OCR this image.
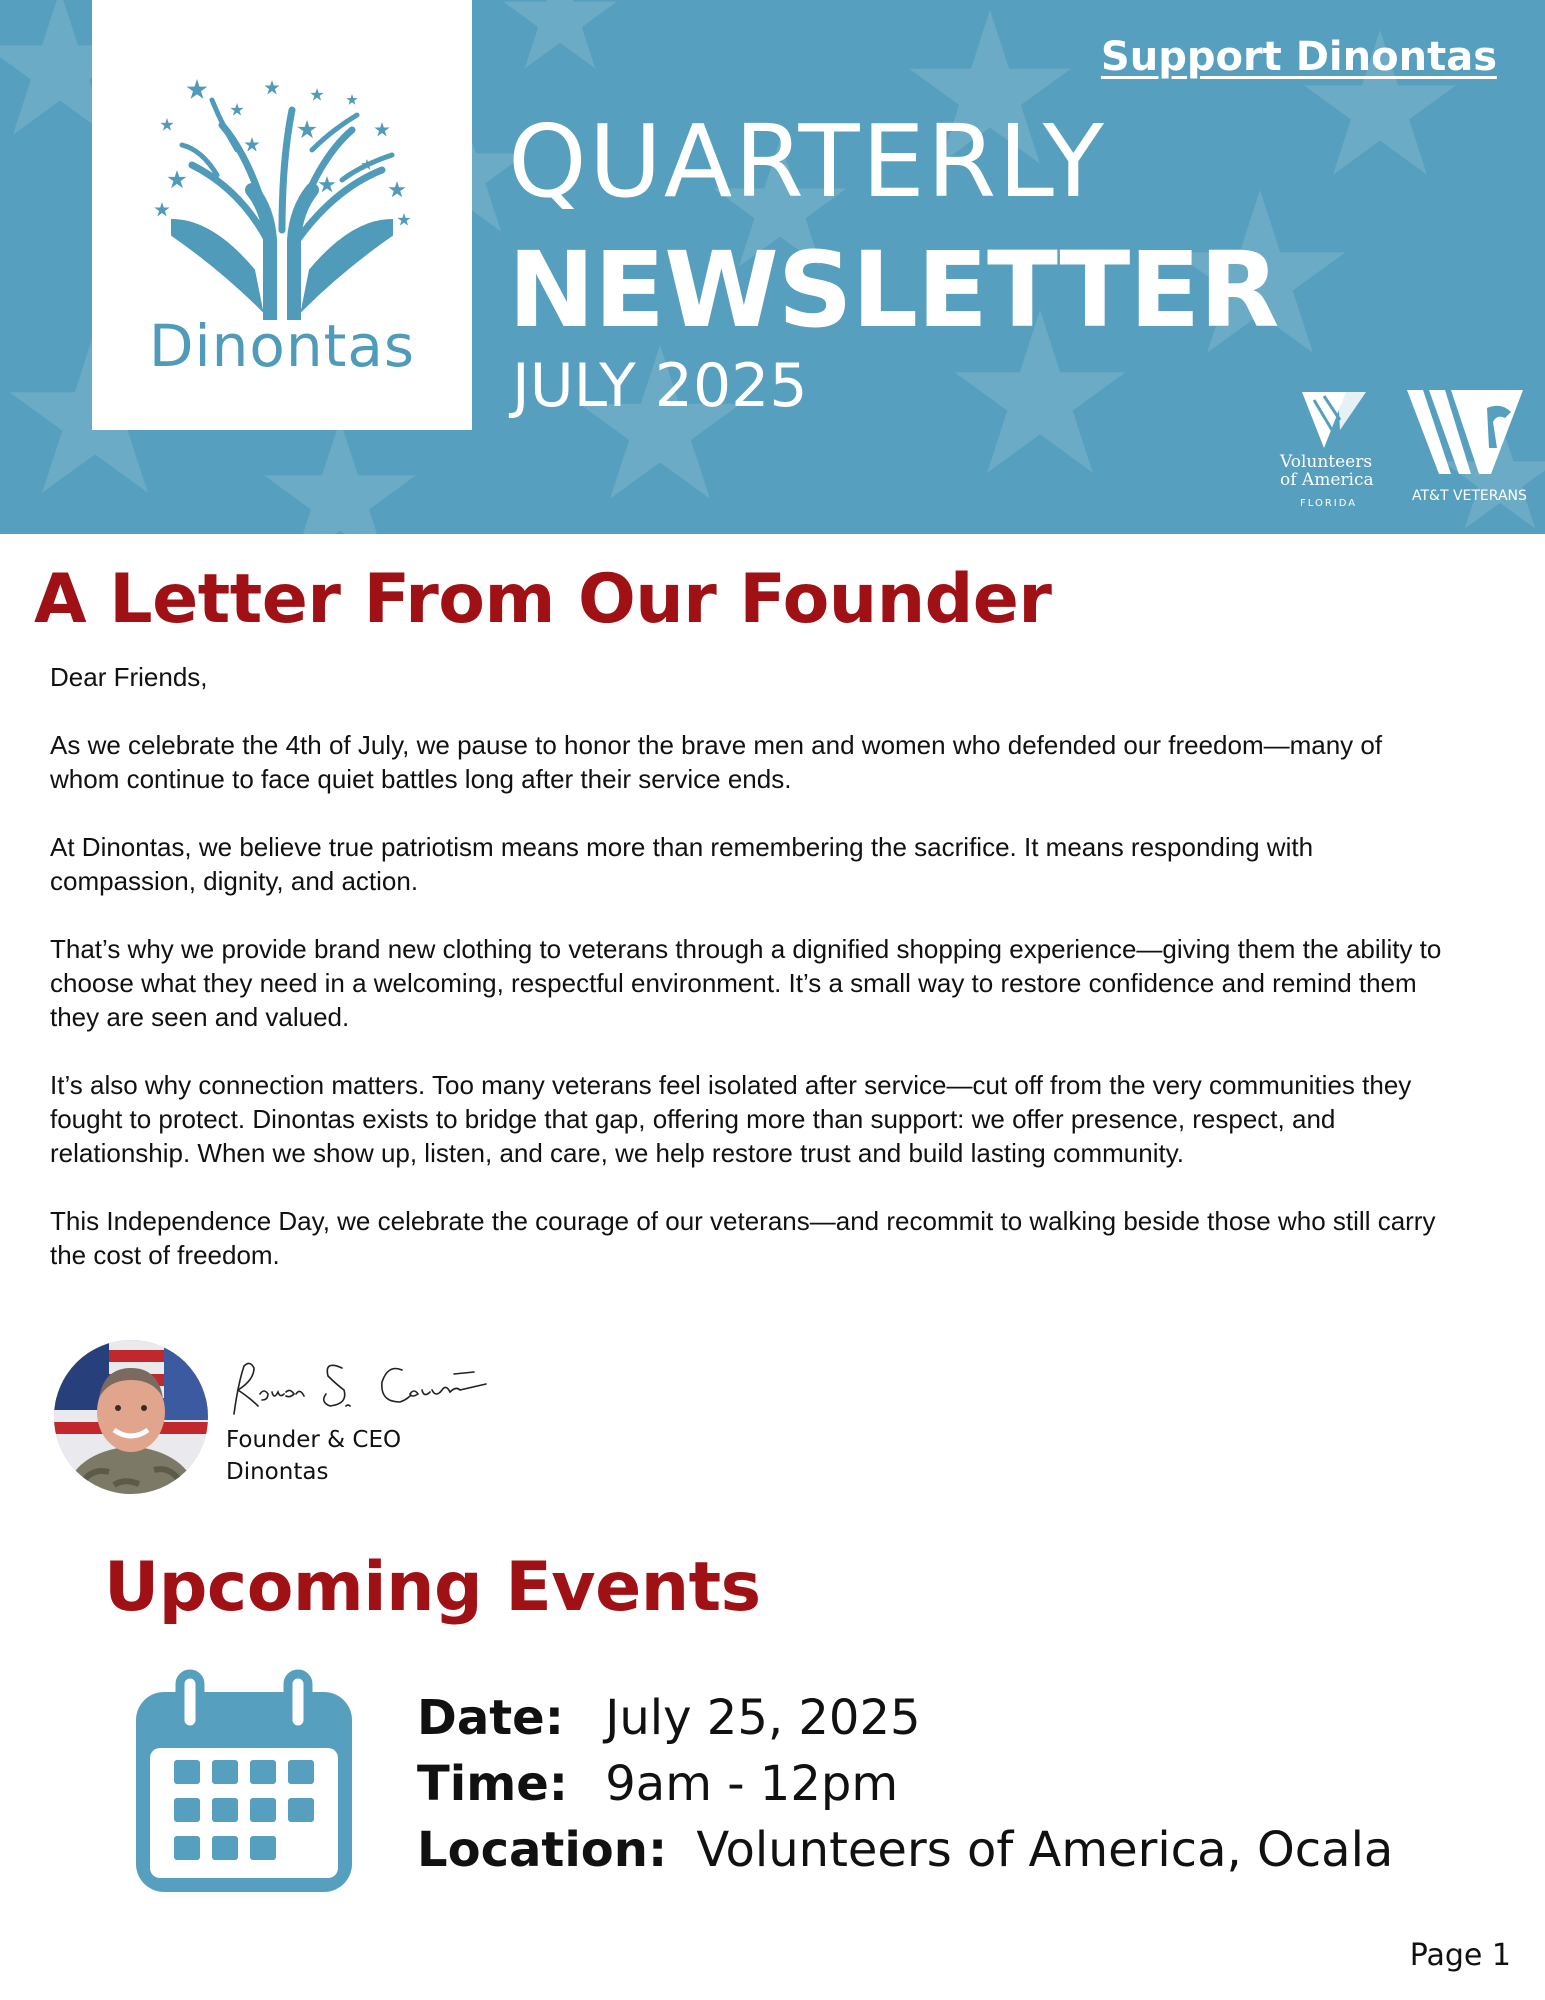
Dinontas
Support Dinontas
QUARTERLY
NEWSLETTER
JULY 2025
Volunteers
of America
FLORIDA	AT&T VETERANS
A Letter From Our Founder

Dear Friends,

As we celebrate the 4th of July, we pause to honor the brave men and women who defended our freedom—many of whom continue to face quiet battles long after their service ends.

At Dinontas, we believe true patriotism means more than remembering the sacrifice. It means responding with compassion, dignity, and action.

That’s why we provide brand new clothing to veterans through a dignified shopping experience—giving them the ability to choose what they need in a welcoming, respectful environment. It’s a small way to restore confidence and remind them they are seen and valued.

It’s also why connection matters. Too many veterans feel isolated after service—cut off from the very communities they fought to protect. Dinontas exists to bridge that gap, offering more than support: we offer presence, respect, and relationship. When we show up, listen, and care, we help restore trust and build lasting community.

This Independence Day, we celebrate the courage of our veterans—and recommit to walking beside those who still carry the cost of freedom.

Founder & CEO
Dinontas
Upcoming Events
Date: July 25, 2025
Time: 9am - 12pm
Location: Volunteers of America, Ocala
Page 1
